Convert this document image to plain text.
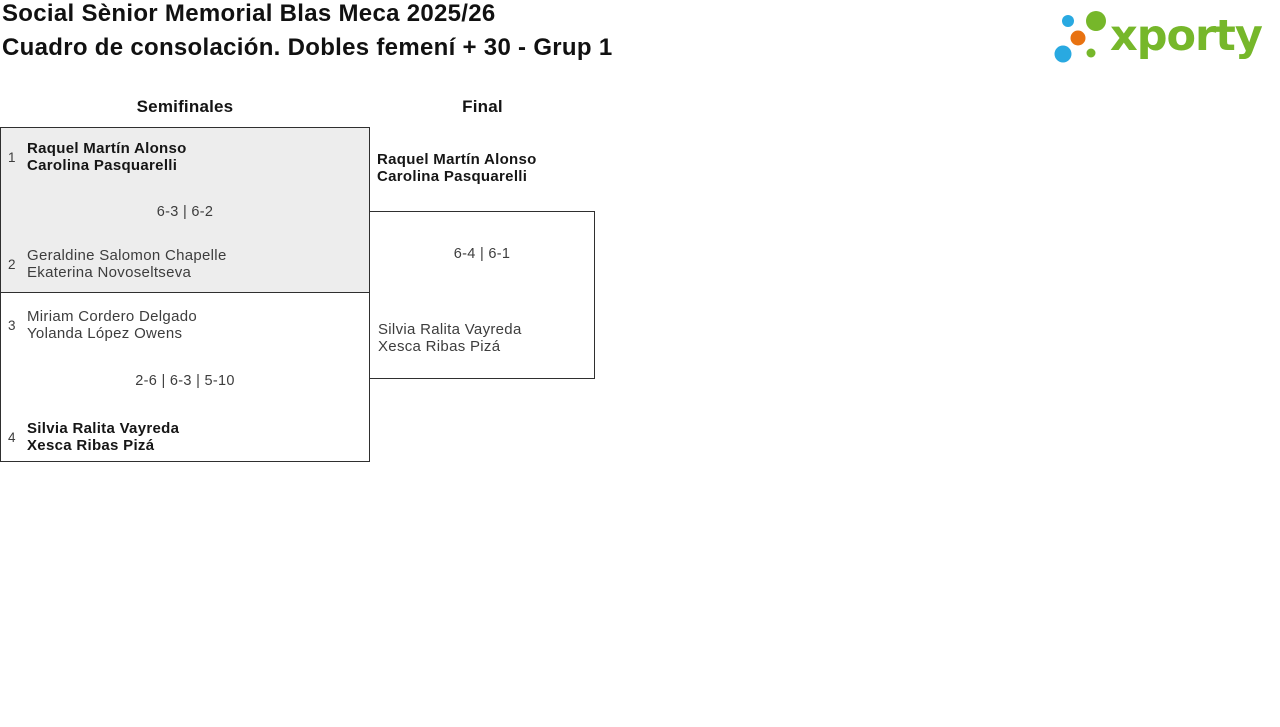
Social Sènior Memorial Blas Meca 2025/26
Cuadro de consolación. Dobles femení + 30 - Grup 1	xporty
Semifinales	Final
1 Raquel Martín Alonso
Carolina Pasquarelli
6-3 | 6-2
2 Geraldine Salomon Chapelle
Ekaterina Novoseltseva
3 Miriam Cordero Delgado
Yolanda López Owens
2-6 | 6-3 | 5-10
4 Silvia Ralita Vayreda
Xesca Ribas Pizá
Raquel Martín Alonso
Carolina Pasquarelli
6-4 | 6-1
Silvia Ralita Vayreda
Xesca Ribas Pizá
